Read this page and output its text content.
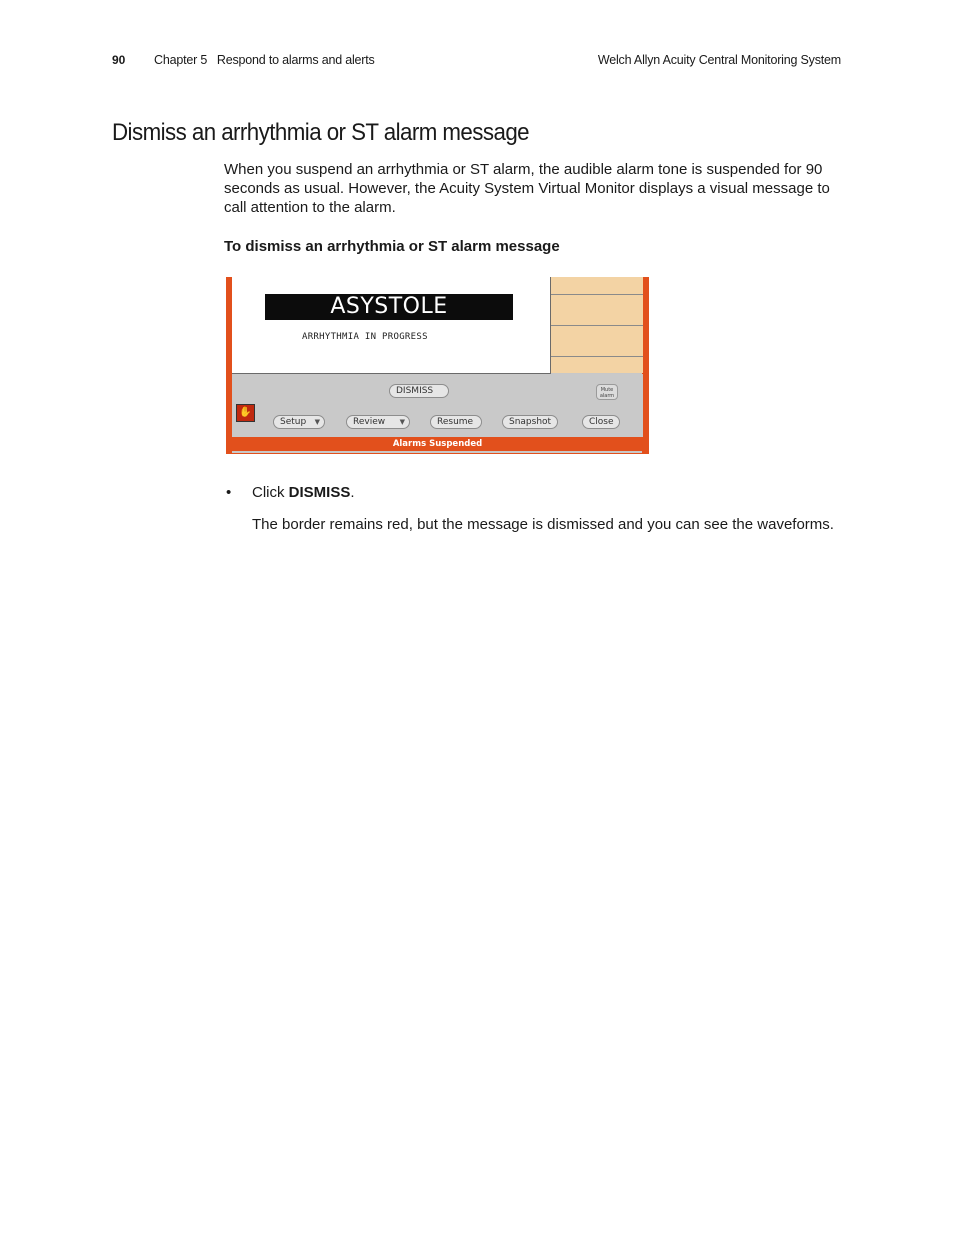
90 Chapter 5   Respond to alarms and alerts	Welch Allyn Acuity Central Monitoring System
Dismiss an arrhythmia or ST alarm message

When you suspend an arrhythmia or ST alarm, the audible alarm tone is suspended for 90 seconds as usual. However, the Acuity System Virtual Monitor displays a visual message to call attention to the alarm.

To dismiss an arrhythmia or ST alarm message

ASYSTOLE
ARRHYTHMIA IN PROGRESS
DISMISS	Mute alarm
✋
Setup ▼	Review ▼	Resume	Snapshot	Close
Alarms Suspended
• Click DISMISS.

The border remains red, but the message is dismissed and you can see the waveforms.
